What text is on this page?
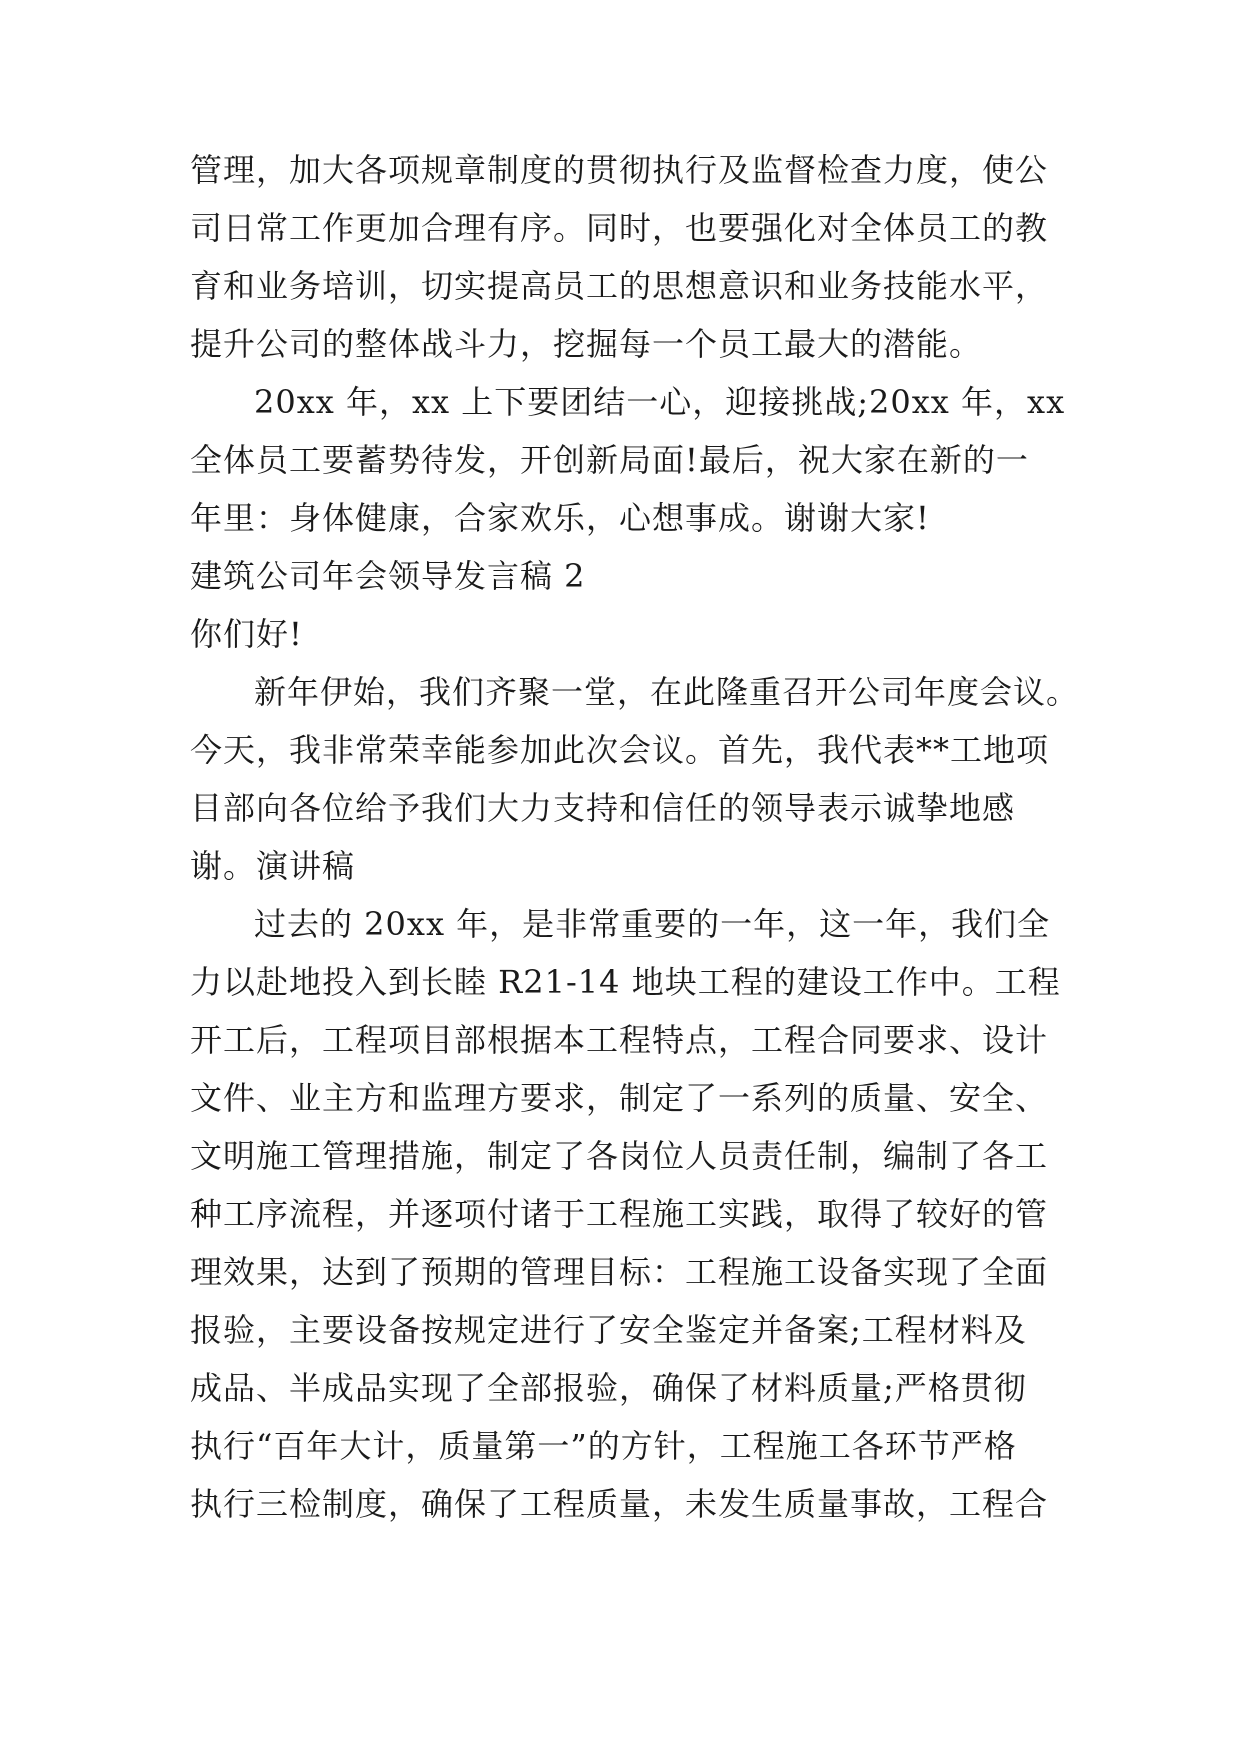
管理，加大各项规章制度的贯彻执行及监督检查力度，使公
司日常工作更加合理有序。同时，也要强化对全体员工的教
育和业务培训，切实提高员工的思想意识和业务技能水平，
提升公司的整体战斗力，挖掘每一个员工最大的潜能。
20xx 年，xx 上下要团结一心，迎接挑战;20xx 年，xx
全体员工要蓄势待发，开创新局面!最后，祝大家在新的一
年里：身体健康，合家欢乐，心想事成。谢谢大家!
建筑公司年会领导发言稿 2
你们好!
新年伊始，我们齐聚一堂，在此隆重召开公司年度会议。
今天，我非常荣幸能参加此次会议。首先，我代表**工地项
目部向各位给予我们大力支持和信任的领导表示诚挚地感
谢。演讲稿
过去的 20xx 年，是非常重要的一年，这一年，我们全
力以赴地投入到长睦 R21-14 地块工程的建设工作中。工程
开工后，工程项目部根据本工程特点，工程合同要求、设计
文件、业主方和监理方要求，制定了一系列的质量、安全、
文明施工管理措施，制定了各岗位人员责任制，编制了各工
种工序流程，并逐项付诸于工程施工实践，取得了较好的管
理效果，达到了预期的管理目标：工程施工设备实现了全面
报验，主要设备按规定进行了安全鉴定并备案;工程材料及
成品、半成品实现了全部报验，确保了材料质量;严格贯彻
执行“百年大计，质量第一”的方针，工程施工各环节严格
执行三检制度，确保了工程质量，未发生质量事故，工程合
